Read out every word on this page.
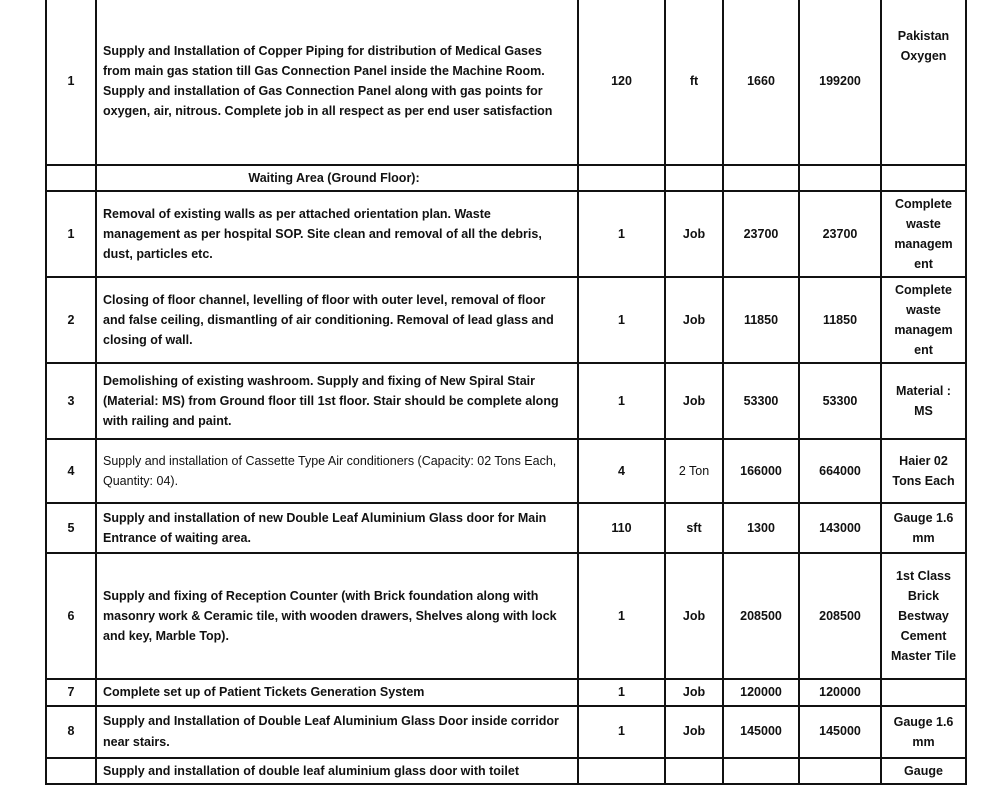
1	Supply and Installation of Copper Piping for distribution of Medical Gases from main gas station till Gas Connection Panel inside the Machine Room. Supply and installation of Gas Connection Panel along with gas points for oxygen, air, nitrous. Complete job in all respect as per end user satisfaction	120	ft	1660	199200	Pakistan Oxygen
	Waiting Area (Ground Floor):					
1	Removal of existing walls as per attached orientation plan. Waste management as per hospital SOP. Site clean and removal of all the debris, dust, particles etc.	1	Job	23700	23700	Complete waste managem ent
2	Closing of floor channel, levelling of floor with outer level, removal of floor and false ceiling, dismantling of air conditioning. Removal of lead glass and closing of wall.	1	Job	11850	11850	Complete waste managem ent
3	Demolishing of existing washroom. Supply and fixing of New Spiral Stair (Material: MS) from Ground floor till 1st floor. Stair should be complete along with railing and paint.	1	Job	53300	53300	Material : MS
4	Supply and installation of Cassette Type Air conditioners (Capacity: 02 Tons Each, Quantity: 04).	4	2 Ton	166000	664000	Haier 02 Tons Each
5	Supply and installation of new Double Leaf Aluminium Glass door for Main Entrance of waiting area.	110	sft	1300	143000	Gauge 1.6 mm
6	Supply and fixing of Reception Counter (with Brick foundation along with masonry work & Ceramic tile, with wooden drawers, Shelves along with lock and key, Marble Top).	1	Job	208500	208500	1st Class Brick Bestway Cement Master Tile
7	Complete set up of Patient Tickets Generation System	1	Job	120000	120000	
8	Supply and Installation of Double Leaf Aluminium Glass Door inside corridor near stairs.	1	Job	145000	145000	Gauge 1.6 mm
	Supply and installation of double leaf aluminium glass door with toilet					Gauge
